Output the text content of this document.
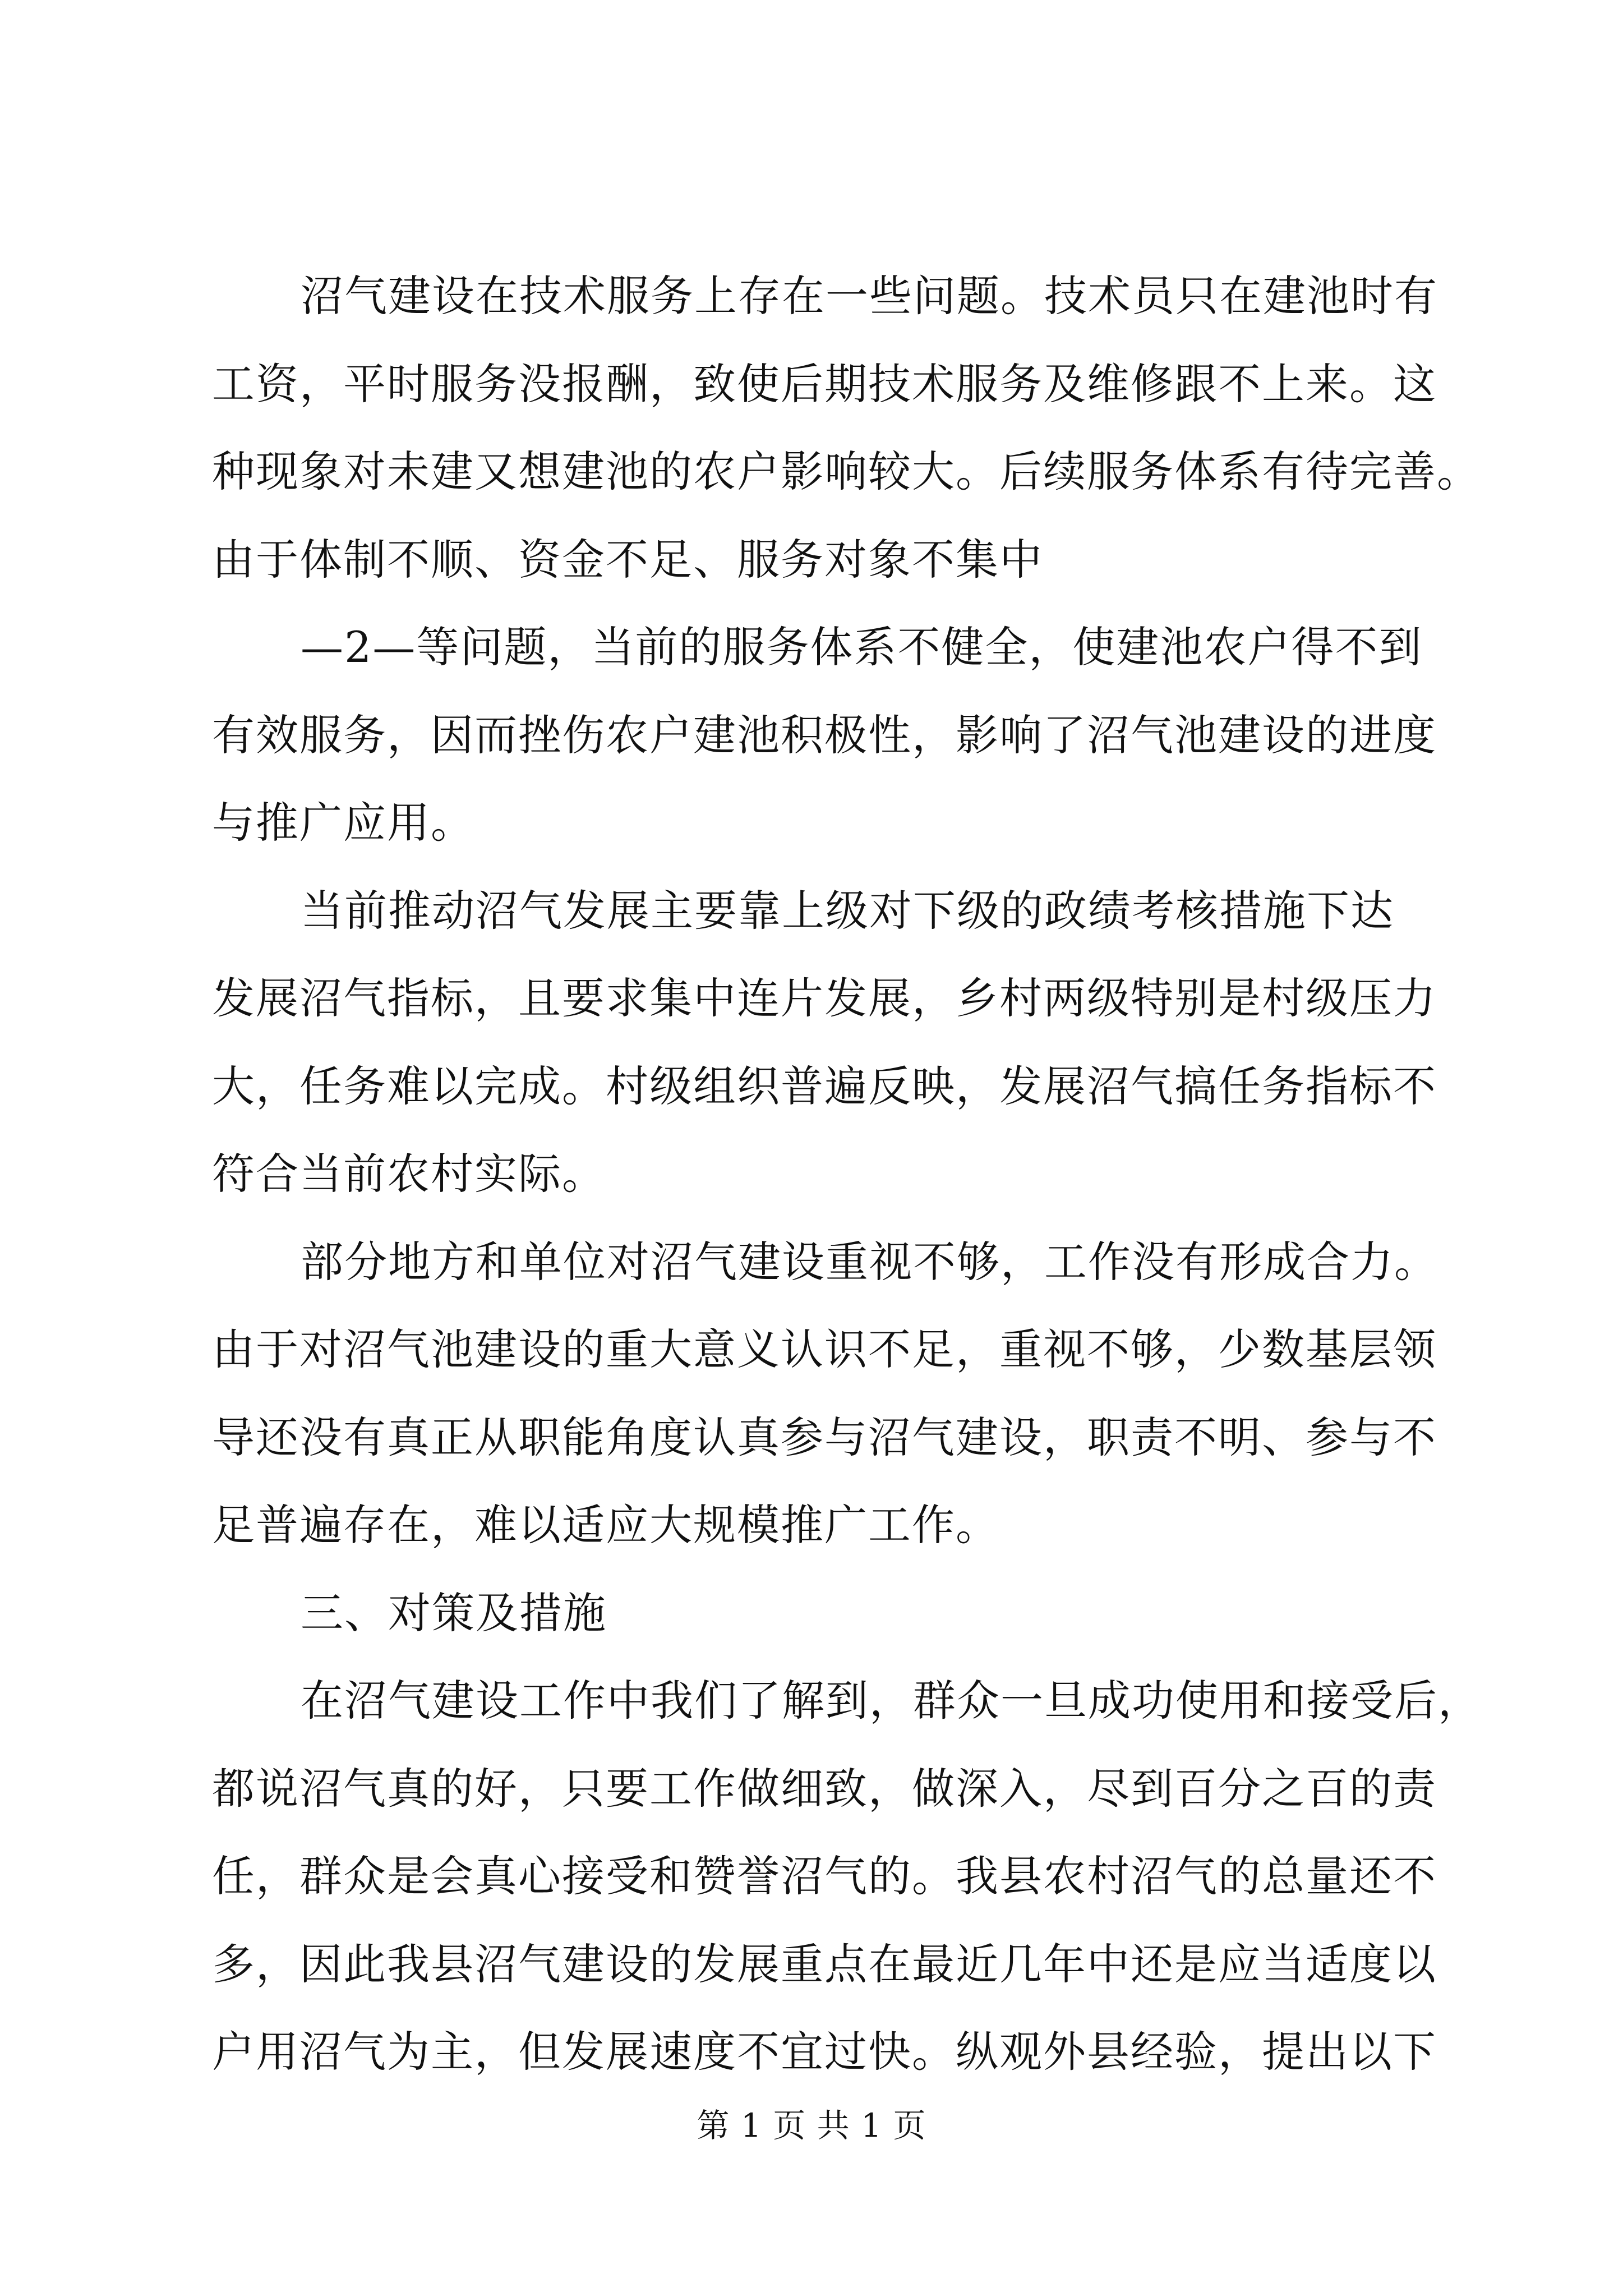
沼气建设在技术服务上存在一些问题。技术员只在建池时有
工资，平时服务没报酬，致使后期技术服务及维修跟不上来。这
种现象对未建又想建池的农户影响较大。后续服务体系有待完善。
由于体制不顺、资金不足、服务对象不集中
—2—等问题，当前的服务体系不健全，使建池农户得不到
有效服务，因而挫伤农户建池积极性，影响了沼气池建设的进度
与推广应用。
当前推动沼气发展主要靠上级对下级的政绩考核措施下达
发展沼气指标，且要求集中连片发展，乡村两级特别是村级压力
大，任务难以完成。村级组织普遍反映，发展沼气搞任务指标不
符合当前农村实际。
部分地方和单位对沼气建设重视不够，工作没有形成合力。
由于对沼气池建设的重大意义认识不足，重视不够，少数基层领
导还没有真正从职能角度认真参与沼气建设，职责不明、参与不
足普遍存在，难以适应大规模推广工作。
三、对策及措施
在沼气建设工作中我们了解到，群众一旦成功使用和接受后，
都说沼气真的好，只要工作做细致，做深入，尽到百分之百的责
任，群众是会真心接受和赞誉沼气的。我县农村沼气的总量还不
多，因此我县沼气建设的发展重点在最近几年中还是应当适度以
户用沼气为主，但发展速度不宜过快。纵观外县经验，提出以下
第 1 页 共 1 页
